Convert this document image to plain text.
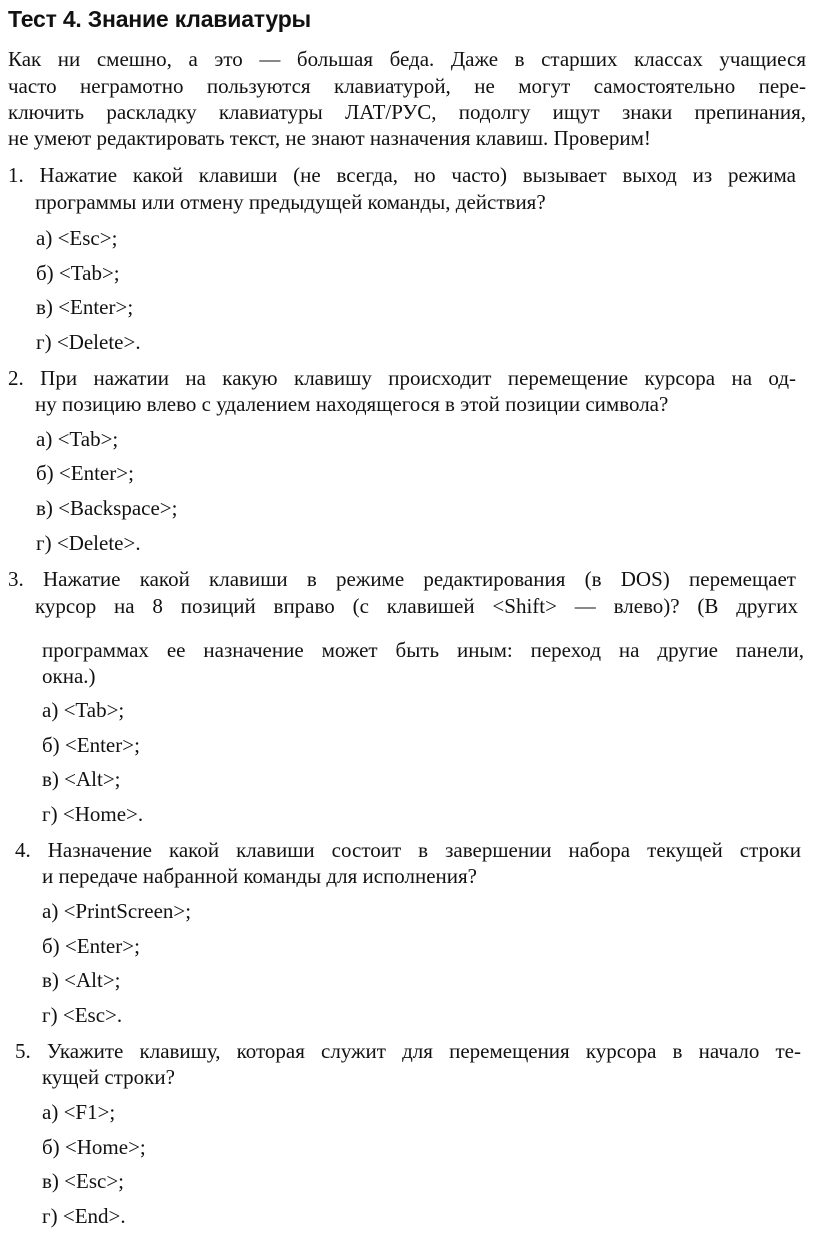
Тест 4. Знание клавиатуры
Как ни смешно, а это — большая беда. Даже в старших классах учащиеся
часто неграмотно пользуются клавиатурой, не могут самостоятельно пере-
ключить раскладку клавиатуры ЛАТ/РУС, подолгу ищут знаки препинания,
не умеют редактировать текст, не знают назначения клавиш. Проверим!
1. Нажатие какой клавиши (не всегда, но часто) вызывает выход из режима
программы или отмену предыдущей команды, действия?
а) <Esc>;
б) <Tab>;
в) <Enter>;
г) <Delete>.
2. При нажатии на какую клавишу происходит перемещение курсора на од-
ну позицию влево с удалением находящегося в этой позиции символа?
а) <Tab>;
б) <Enter>;
в) <Backspace>;
г) <Delete>.
3. Нажатие какой клавиши в режиме редактирования (в DOS) перемещает
курсор на 8 позиций вправо (с клавишей <Shift> — влево)? (В других
программах ее назначение может быть иным: переход на другие панели,
окна.)
а) <Tab>;
б) <Enter>;
в) <Alt>;
г) <Home>.
4. Назначение какой клавиши состоит в завершении набора текущей строки
и передаче набранной команды для исполнения?
а) <PrintScreen>;
б) <Enter>;
в) <Alt>;
г) <Esc>.
5. Укажите клавишу, которая служит для перемещения курсора в начало те-
кущей строки?
а) <F1>;
б) <Home>;
в) <Esc>;
г) <End>.
